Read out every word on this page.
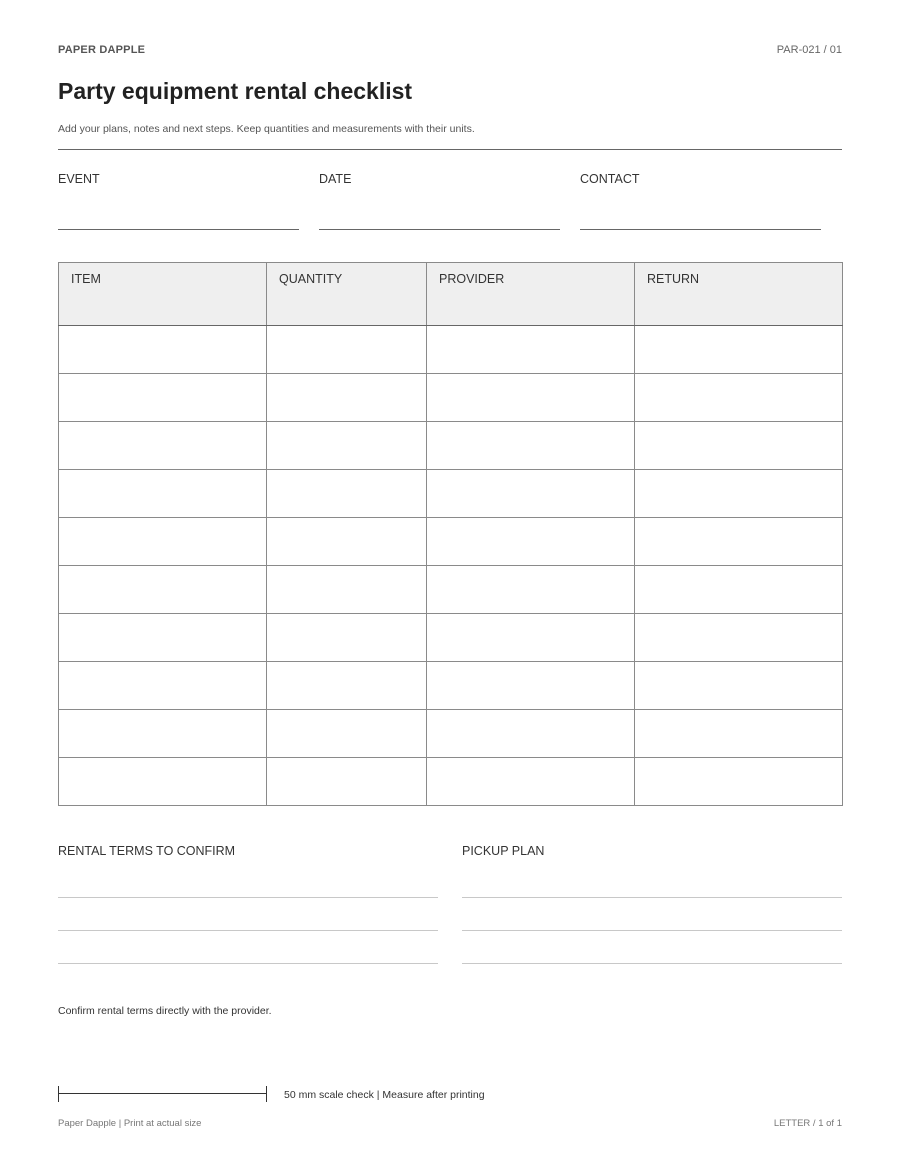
PAPER DAPPLE	PAR-021 / 01
Party equipment rental checklist
Add your plans, notes and next steps. Keep quantities and measurements with their units.
EVENT	DATE	CONTACT
ITEM	QUANTITY	PROVIDER	RETURN

RENTAL TERMS TO CONFIRM	PICKUP PLAN
Confirm rental terms directly with the provider.
50 mm scale check | Measure after printing
Paper Dapple | Print at actual size	LETTER / 1 of 1
